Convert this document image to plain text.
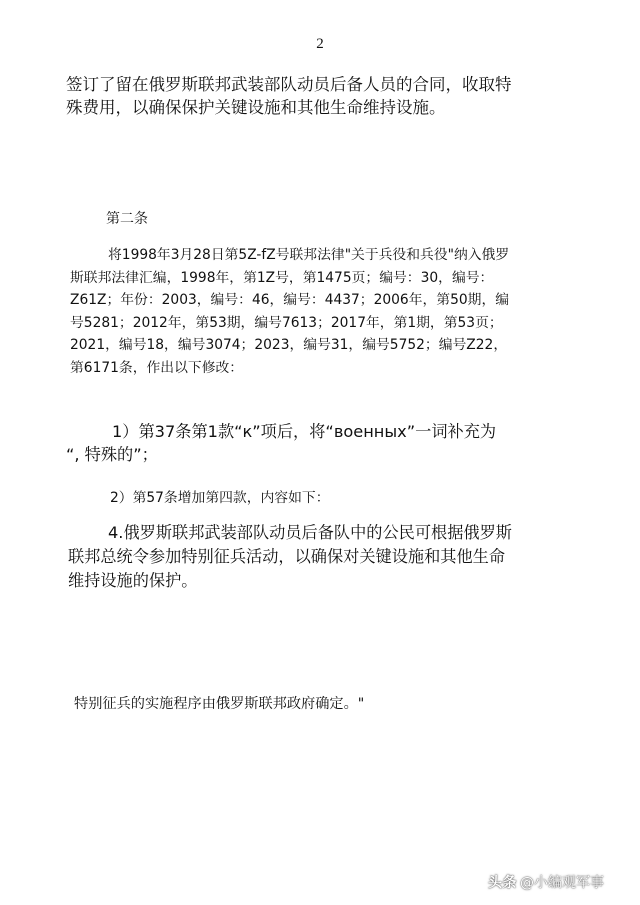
2

签订了留在俄罗斯联邦武装部队动员后备人员的合同，收取特
殊费用，以确保保护关键设施和其他生命维持设施。

第二条

将1998年3月28日第5Z-fZ号联邦法律"关于兵役和兵役"纳入俄罗
斯联邦法律汇编，1998年，第1Z号，第1475页；编号：30，编号：
Z61Z；年份：2003，编号：46，编号：4437；2006年，第50期，编
号5281；2012年，第53期，编号7613；2017年，第1期，第53页；
2021，编号18，编号3074；2023，编号31，编号5752；编号Z22，
第6171条，作出以下修改：

1）第37条第1款“к”项后，将“военных”一词补充为
“, 特殊的”；

2）第57条增加第四款，内容如下：

4.俄罗斯联邦武装部队动员后备队中的公民可根据俄罗斯
联邦总统令参加特别征兵活动，以确保对关键设施和其他生命
维持设施的保护。

特别征兵的实施程序由俄罗斯联邦政府确定。"

头条 @小编观军事
